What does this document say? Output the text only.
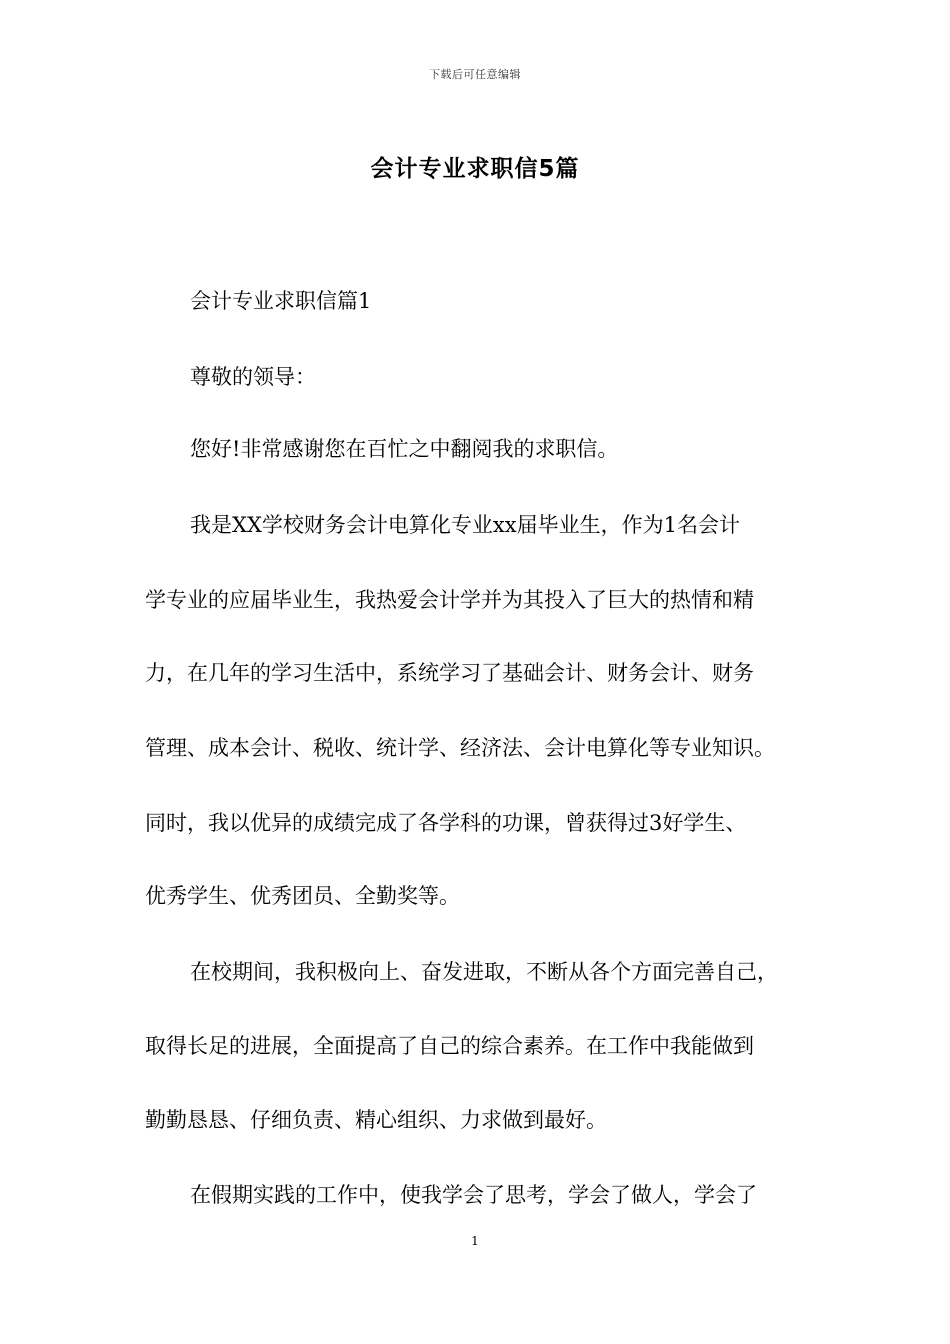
下载后可任意编辑
会计专业求职信5篇
会计专业求职信篇1
尊敬的领导：
您好!非常感谢您在百忙之中翻阅我的求职信。
我是XX学校财务会计电算化专业xx届毕业生，作为1名会计
学专业的应届毕业生，我热爱会计学并为其投入了巨大的热情和精
力，在几年的学习生活中，系统学习了基础会计、财务会计、财务
管理、成本会计、税收、统计学、经济法、会计电算化等专业知识。
同时，我以优异的成绩完成了各学科的功课，曾获得过3好学生、
优秀学生、优秀团员、全勤奖等。
在校期间，我积极向上、奋发进取，不断从各个方面完善自己，
取得长足的进展，全面提高了自己的综合素养。在工作中我能做到
勤勤恳恳、仔细负责、精心组织、力求做到最好。
在假期实践的工作中，使我学会了思考，学会了做人，学会了
1
